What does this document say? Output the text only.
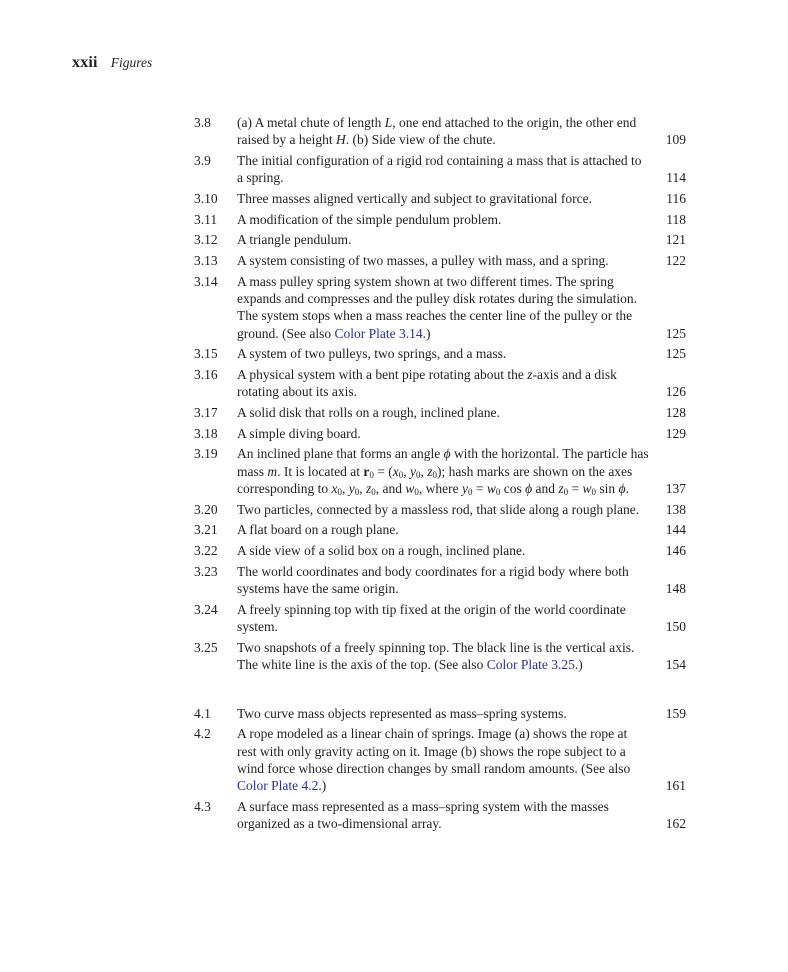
xxii Figures
3.8	(a) A metal chute of length L, one end attached to the origin, the other end raised by a height H. (b) Side view of the chute.	109
3.9	The initial configuration of a rigid rod containing a mass that is attached to a spring.	114
3.10	Three masses aligned vertically and subject to gravitational force.	116
3.11	A modification of the simple pendulum problem.	118
3.12	A triangle pendulum.	121
3.13	A system consisting of two masses, a pulley with mass, and a spring.	122
3.14	A mass pulley spring system shown at two different times. The spring expands and compresses and the pulley disk rotates during the simulation. The system stops when a mass reaches the center line of the pulley or the ground. (See also Color Plate 3.14.)	125
3.15	A system of two pulleys, two springs, and a mass.	125
3.16	A physical system with a bent pipe rotating about the z-axis and a disk rotating about its axis.	126
3.17	A solid disk that rolls on a rough, inclined plane.	128
3.18	A simple diving board.	129
3.19	An inclined plane that forms an angle ϕ with the horizontal. The particle has mass m. It is located at $r_0 = (x_0$, $y_0$, $z_0$); hash marks are shown on the axes corresponding to $x_0$, $y_0$, $z_0$, and $w_0$, where $y_0 = w_0$ cos ϕ and $z_0 = w_0$ sin ϕ.	137
3.20	Two particles, connected by a massless rod, that slide along a rough plane.	138
3.21	A flat board on a rough plane.	144
3.22	A side view of a solid box on a rough, inclined plane.	146
3.23	The world coordinates and body coordinates for a rigid body where both systems have the same origin.	148
3.24	A freely spinning top with tip fixed at the origin of the world coordinate system.	150
3.25	Two snapshots of a freely spinning top. The black line is the vertical axis. The white line is the axis of the top. (See also Color Plate 3.25.)	154
4.1	Two curve mass objects represented as mass–spring systems.	159
4.2	A rope modeled as a linear chain of springs. Image (a) shows the rope at rest with only gravity acting on it. Image (b) shows the rope subject to a wind force whose direction changes by small random amounts. (See also Color Plate 4.2.)	161
4.3	A surface mass represented as a mass–spring system with the masses organized as a two-dimensional array.	162
